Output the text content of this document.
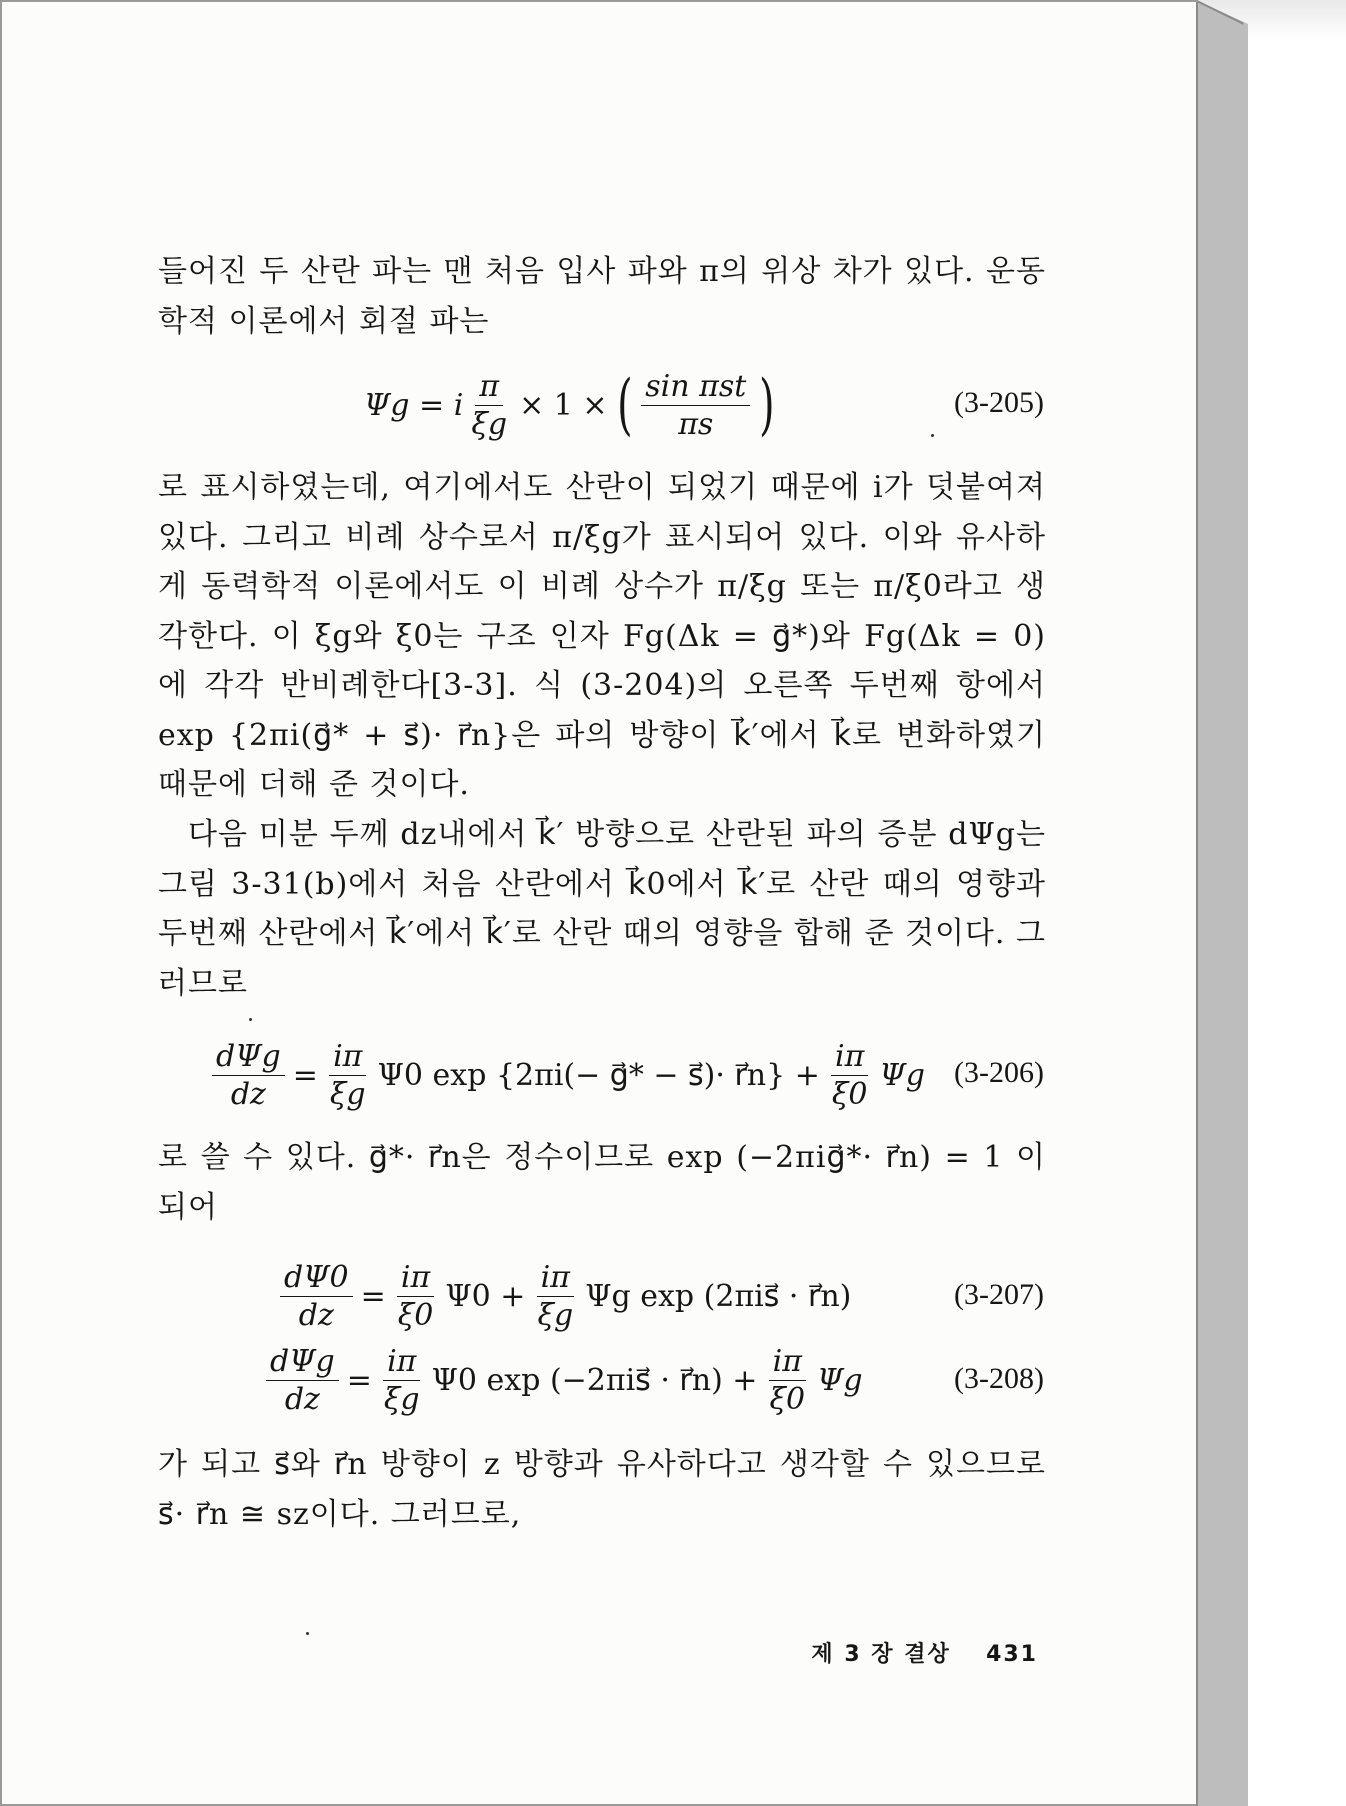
들어진 두 산란 파는 맨 처음 입사 파와 π의 위상 차가 있다. 운동학적 이론에서 회절 파는
Ψg = i $\frac{\pi}{\xi g} \times 1$ × ( $\frac{\text{sin πst}}{\pi s}$ )	(3-205)
로 표시하였는데, 여기에서도 산란이 되었기 때문에 i가 덧붙여져 있다. 그리고 비례 상수로서 π/ξg가 표시되어 있다. 이와 유사하게 동력학적 이론에서도 이 비례 상수가 π/ξg 또는 π/ξ0라고 생각한다. 이 ξg와 ξ0는 구조 인자 Fg(Δk = g⃗*)와 Fg(Δk = 0)에 각각 반비례한다[3-3]. 식 (3-204)의 오른쪽 두번째 항에서 exp {2πi(g⃗* + s⃗)· r⃗n}은 파의 방향이 k⃗′에서 k⃗로 변화하였기 때문에 더해 준 것이다.
다음 미분 두께 dz내에서 k⃗′ 방향으로 산란된 파의 증분 dΨg는 그림 3-31(b)에서 처음 산란에서 k⃗0에서 k⃗′로 산란 때의 영향과 두번째 산란에서 k⃗′에서 k⃗′로 산란 때의 영향을 합해 준 것이다. 그러므로
$\frac{\text{dΨg}}{dz} = \frac{i\pi}{\xi g} \Psi 0$ exp {2πi(− g⃗* − s⃗)· r⃗n} + $\frac{i\pi}{\xi 0}$ Ψg (3-206)
로 쓸 수 있다. g⃗*· r⃗n은 정수이므로 exp (−2πig⃗*· r⃗n) = 1 이 되어
$\frac{d\Psi 0}{dz} = \frac{i\pi}{\xi 0} \Psi 0 + \frac{i\pi}{\xi g}$ Ψg exp (2πis⃗ · r⃗n)	(3-207)
$\frac{\text{dΨg}}{dz} = \frac{i\pi}{\xi g} \Psi 0$ exp (−2πis⃗ · r⃗n) + $\frac{i\pi}{\xi 0}$ Ψg	(3-208)
가 되고 s⃗와 r⃗n 방향이 z 방향과 유사하다고 생각할 수 있으므로 s⃗· r⃗n ≅ sz이다. 그러므로,
제 3 장 결상 431
